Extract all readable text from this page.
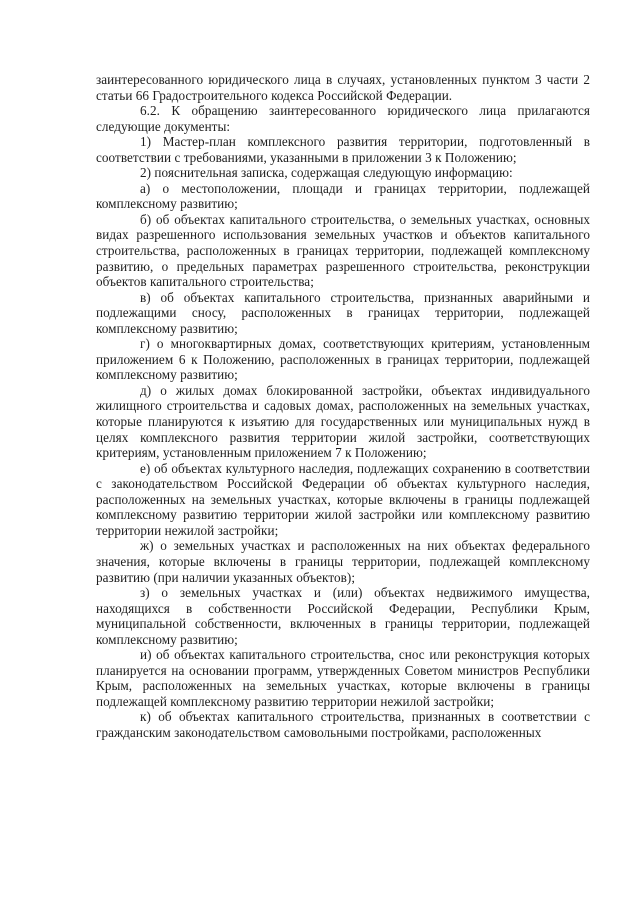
заинтересованного юридического лица в случаях, установленных пунктом 3 части 2 статьи 66 Градостроительного кодекса Российской Федерации.

6.2. К обращению заинтересованного юридического лица прилагаются следующие документы:

1) Мастер-план комплексного развития территории, подготовленный в соответствии с требованиями, указанными в приложении 3 к Положению;

2) пояснительная записка, содержащая следующую информацию:

а) о местоположении, площади и границах территории, подлежащей комплексному развитию;

б) об объектах капитального строительства, о земельных участках, основных видах разрешенного использования земельных участков и объектов капитального строительства, расположенных в границах территории, подлежащей комплексному развитию, о предельных параметрах разрешенного строительства, реконструкции объектов капитального строительства;

в) об объектах капитального строительства, признанных аварийными и подлежащими сносу, расположенных в границах территории, подлежащей комплексному развитию;

г) о многоквартирных домах, соответствующих критериям, установленным приложением 6 к Положению, расположенных в границах территории, подлежащей комплексному развитию;

д) о жилых домах блокированной застройки, объектах индивидуального жилищного строительства и садовых домах, расположенных на земельных участках, которые планируются к изъятию для государственных или муниципальных нужд в целях комплексного развития территории жилой застройки, соответствующих критериям, установленным приложением 7 к Положению;

е) об объектах культурного наследия, подлежащих сохранению в соответствии с законодательством Российской Федерации об объектах культурного наследия, расположенных на земельных участках, которые включены в границы подлежащей комплексному развитию территории жилой застройки или комплексному развитию территории нежилой застройки;

ж) о земельных участках и расположенных на них объектах федерального значения, которые включены в границы территории, подлежащей комплексному развитию (при наличии указанных объектов);

з) о земельных участках и (или) объектах недвижимого имущества, находящихся в собственности Российской Федерации, Республики Крым, муниципальной собственности, включенных в границы территории, подлежащей комплексному развитию;

и) об объектах капитального строительства, снос или реконструкция которых планируется на основании программ, утвержденных Советом министров Республики Крым, расположенных на земельных участках, которые включены в границы подлежащей комплексному развитию территории нежилой застройки;

к) об объектах капитального строительства, признанных в соответствии с гражданским законодательством самовольными постройками, расположенных
